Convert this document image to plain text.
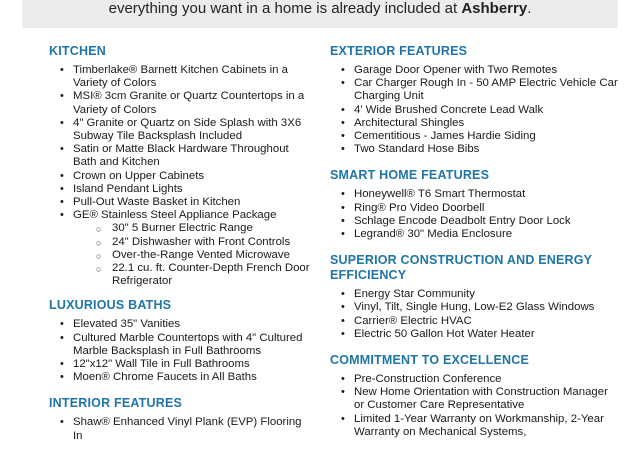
everything you want in a home is already included at Ashberry.
KITCHEN
• Timberlake® Barnett Kitchen Cabinets in a Variety of Colors
• MSI® 3cm Granite or Quartz Countertops in a Variety of Colors
• 4" Granite or Quartz on Side Splash with 3X6 Subway Tile Backsplash Included
• Satin or Matte Black Hardware Throughout Bath and Kitchen
• Crown on Upper Cabinets
• Island Pendant Lights
• Pull-Out Waste Basket in Kitchen
• GE® Stainless Steel Appliance Package
○ 30" 5 Burner Electric Range
○ 24" Dishwasher with Front Controls
○ Over-the-Range Vented Microwave
○ 22.1 cu. ft. Counter-Depth French Door Refrigerator
LUXURIOUS BATHS
• Elevated 35" Vanities
• Cultured Marble Countertops with 4" Cultured Marble Backsplash in Full Bathrooms
• 12"x12" Wall Tile in Full Bathrooms
• Moen® Chrome Faucets in All Baths
INTERIOR FEATURES
• Shaw® Enhanced Vinyl Plank (EVP) Flooring In
EXTERIOR FEATURES
• Garage Door Opener with Two Remotes
• Car Charger Rough In - 50 AMP Electric Vehicle Car Charging Unit
• 4' Wide Brushed Concrete Lead Walk
• Architectural Shingles
• Cementitious - James Hardie Siding
• Two Standard Hose Bibs
SMART HOME FEATURES
• Honeywell® T6 Smart Thermostat
• Ring® Pro Video Doorbell
• Schlage Encode Deadbolt Entry Door Lock
• Legrand® 30" Media Enclosure
SUPERIOR CONSTRUCTION AND ENERGY EFFICIENCY
• Energy Star Community
• Vinyl, Tilt, Single Hung, Low-E2 Glass Windows
• Carrier® Electric HVAC
• Electric 50 Gallon Hot Water Heater
COMMITMENT TO EXCELLENCE
• Pre-Construction Conference
• New Home Orientation with Construction Manager or Customer Care Representative
• Limited 1-Year Warranty on Workmanship, 2-Year Warranty on Mechanical Systems,
